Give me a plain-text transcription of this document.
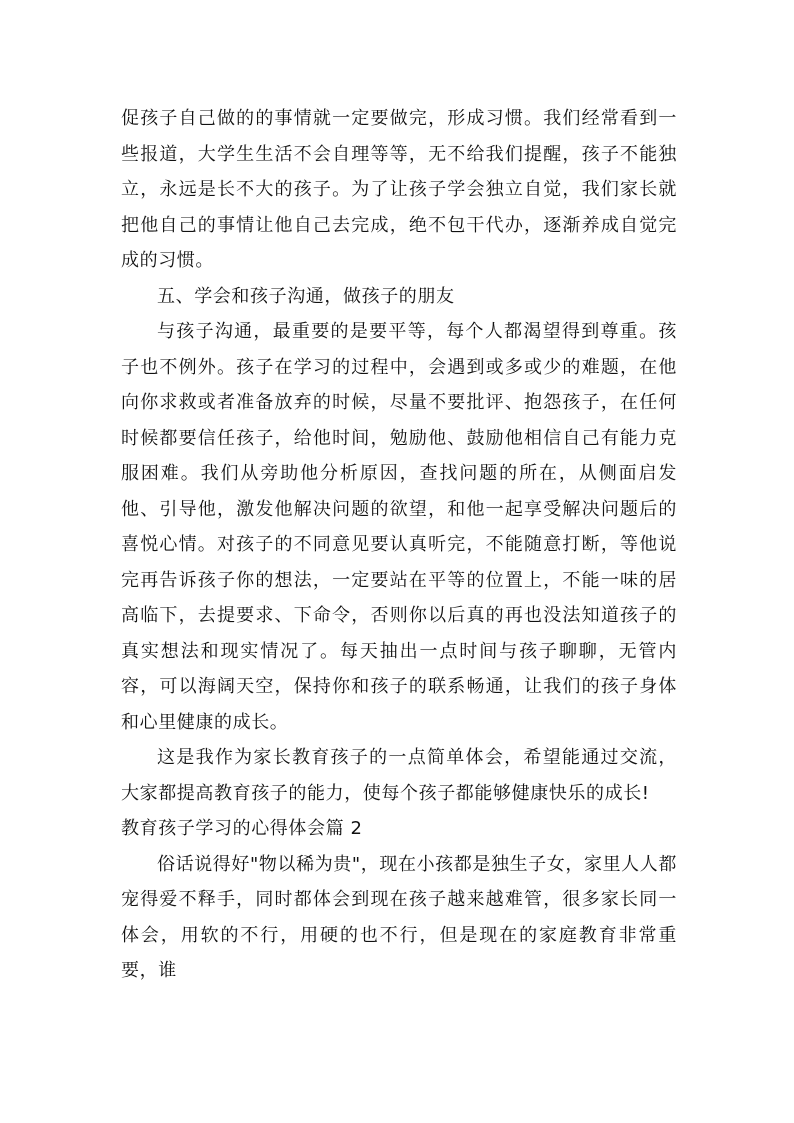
促孩子自己做的的事情就一定要做完，形成习惯。我们经常看到一些报道，大学生生活不会自理等等，无不给我们提醒，孩子不能独立，永远是长不大的孩子。为了让孩子学会独立自觉，我们家长就把他自己的事情让他自己去完成，绝不包干代办，逐渐养成自觉完成的习惯。

五、学会和孩子沟通，做孩子的朋友

与孩子沟通，最重要的是要平等，每个人都渴望得到尊重。孩子也不例外。孩子在学习的过程中，会遇到或多或少的难题，在他向你求救或者准备放弃的时候，尽量不要批评、抱怨孩子，在任何时候都要信任孩子，给他时间，勉励他、鼓励他相信自己有能力克服困难。我们从旁助他分析原因，查找问题的所在，从侧面启发他、引导他，激发他解决问题的欲望，和他一起享受解决问题后的喜悦心情。对孩子的不同意见要认真听完，不能随意打断，等他说完再告诉孩子你的想法，一定要站在平等的位置上，不能一味的居高临下，去提要求、下命令，否则你以后真的再也没法知道孩子的真实想法和现实情况了。每天抽出一点时间与孩子聊聊，无管内容，可以海阔天空，保持你和孩子的联系畅通，让我们的孩子身体和心里健康的成长。

这是我作为家长教育孩子的一点简单体会，希望能通过交流，大家都提高教育孩子的能力，使每个孩子都能够健康快乐的成长!

教育孩子学习的心得体会篇 2

俗话说得好"物以稀为贵"，现在小孩都是独生子女，家里人人都宠得爱不释手，同时都体会到现在孩子越来越难管，很多家长同一体会，用软的不行，用硬的也不行，但是现在的家庭教育非常重要，谁
